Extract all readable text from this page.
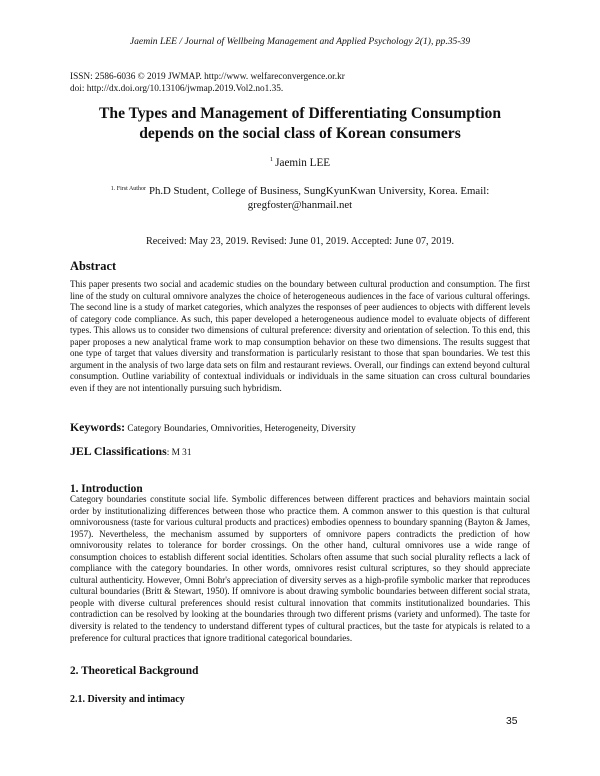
Jaemin LEE / Journal of Wellbeing Management and Applied Psychology 2(1), pp.35-39
ISSN: 2586-6036 © 2019 JWMAP. http://www. welfareconvergence.or.kr
doi: http://dx.doi.org/10.13106/jwmap.2019.Vol2.no1.35.
The Types and Management of Differentiating Consumption
depends on the social class of Korean consumers
$^1$ Jaemin LEE
$^{1. First Author}$ Ph.D Student, College of Business, SungKyunKwan University, Korea. Email:
gregfoster@hanmail.net
Received: May 23, 2019. Revised: June 01, 2019. Accepted: June 07, 2019.
Abstract

This paper presents two social and academic studies on the boundary between cultural production and consumption. The first line of the study on cultural omnivore analyzes the choice of heterogeneous audiences in the face of various cultural offerings. The second line is a study of market categories, which analyzes the responses of peer audiences to objects with different levels of category code compliance. As such, this paper developed a heterogeneous audience model to evaluate objects of different types. This allows us to consider two dimensions of cultural preference: diversity and orientation of selection. To this end, this paper proposes a new analytical frame work to map consumption behavior on these two dimensions. The results suggest that one type of target that values diversity and transformation is particularly resistant to those that span boundaries. We test this argument in the analysis of two large data sets on film and restaurant reviews. Overall, our findings can extend beyond cultural consumption. Outline variability of contextual individuals or individuals in the same situation can cross cultural boundaries even if they are not intentionally pursuing such hybridism.

Keywords: Category Boundaries, Omnivorities, Heterogeneity, Diversity
JEL Classifications: M 31
1. Introduction

Category boundaries constitute social life. Symbolic differences between different practices and behaviors maintain social order by institutionalizing differences between those who practice them. A common answer to this question is that cultural omnivorousness (taste for various cultural products and practices) embodies openness to boundary spanning (Bayton & James, 1957). Nevertheless, the mechanism assumed by supporters of omnivore papers contradicts the prediction of how omnivorousity relates to tolerance for border crossings. On the other hand, cultural omnivores use a wide range of consumption choices to establish different social identities. Scholars often assume that such social plurality reflects a lack of compliance with the category boundaries. In other words, omnivores resist cultural scriptures, so they should appreciate cultural authenticity. However, Omni Bohr's appreciation of diversity serves as a high-profile symbolic marker that reproduces cultural boundaries (Britt & Stewart, 1950). If omnivore is about drawing symbolic boundaries between different social strata, people with diverse cultural preferences should resist cultural innovation that commits institutionalized boundaries. This contradiction can be resolved by looking at the boundaries through two different prisms (variety and unformed). The taste for diversity is related to the tendency to understand different types of cultural practices, but the taste for atypicals is related to a preference for cultural practices that ignore traditional categorical boundaries.

2. Theoretical Background
2.1. Diversity and intimacy
35
